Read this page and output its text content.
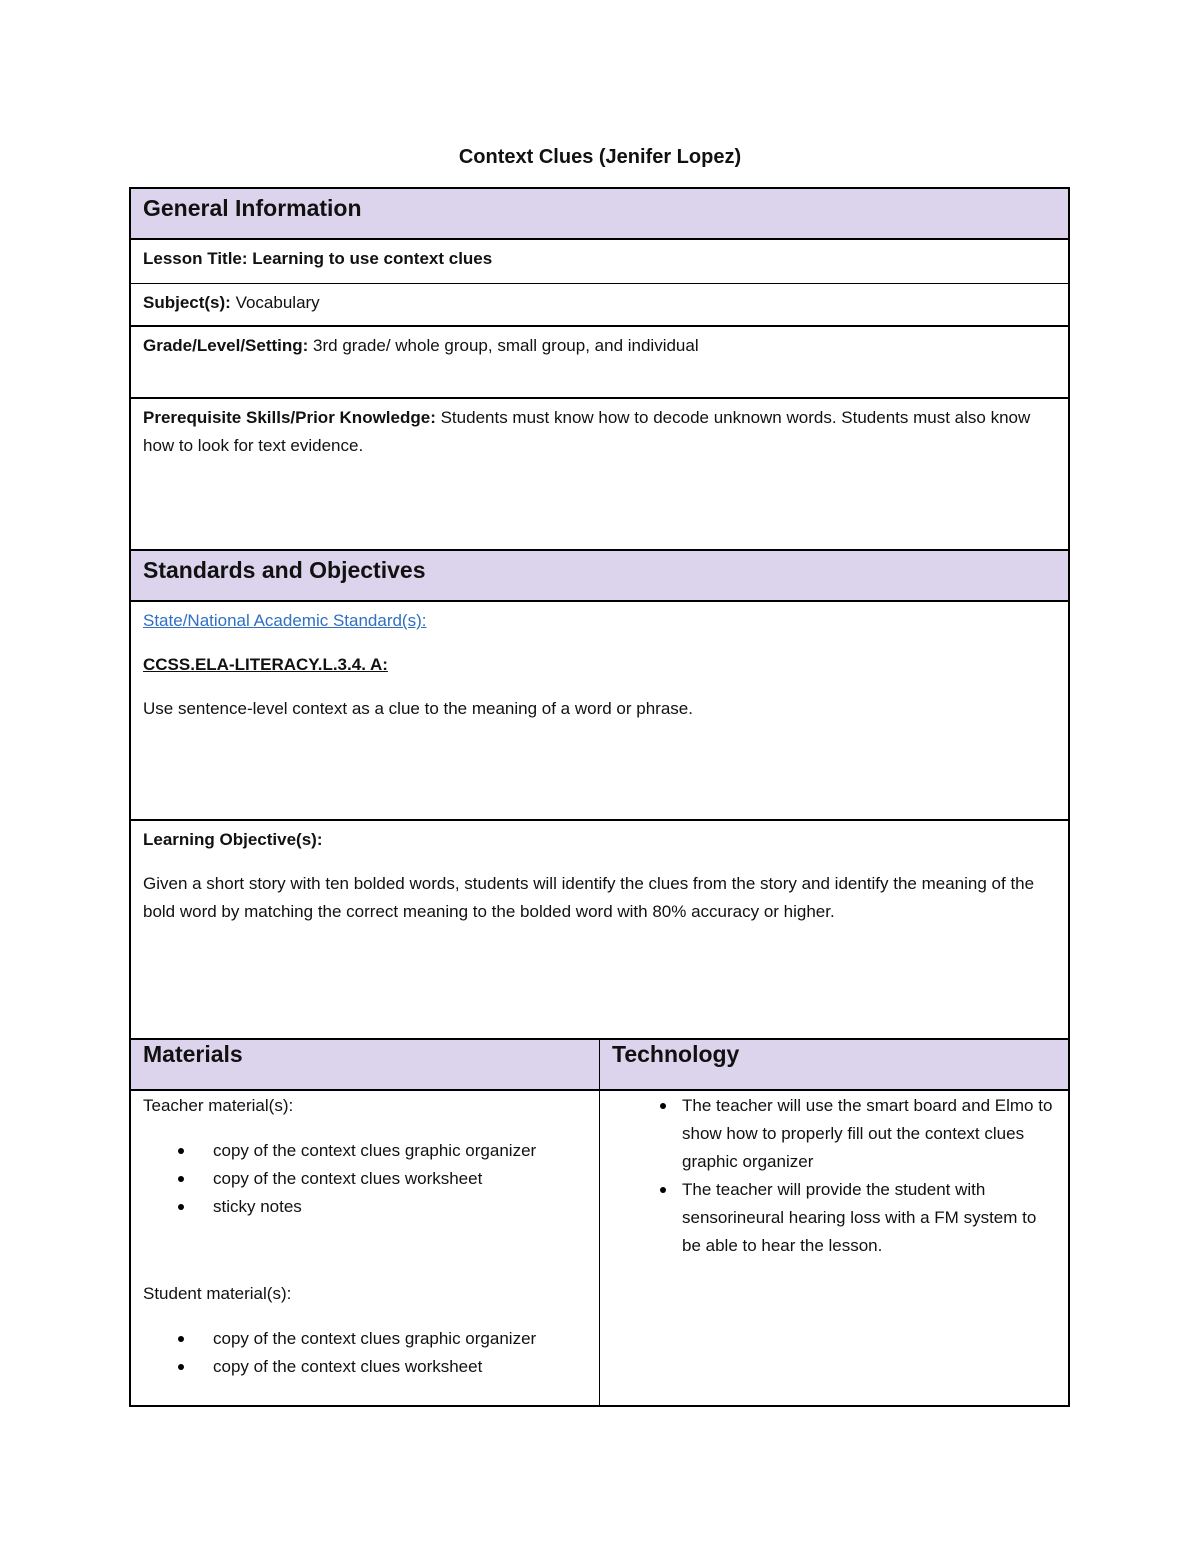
Context Clues (Jenifer Lopez)
General Information
Lesson Title: Learning to use context clues
Subject(s): Vocabulary
Grade/Level/Setting: 3rd grade/ whole group, small group, and individual
Prerequisite Skills/Prior Knowledge: Students must know how to decode unknown words. Students must also know how to look for text evidence.
Standards and Objectives

State/National Academic Standard(s):

CCSS.ELA-LITERACY.L.3.4. A:

Use sentence-level context as a clue to the meaning of a word or phrase.

Learning Objective(s):

Given a short story with ten bolded words, students will identify the clues from the story and identify the meaning of the bold word by matching the correct meaning to the bolded word with 80% accuracy or higher.

Materials	Technology

Teacher material(s):

copy of the context clues graphic organizer
copy of the context clues worksheet
sticky notes

Student material(s):

copy of the context clues graphic organizer
copy of the context clues worksheet
The teacher will use the smart board and Elmo to show how to properly fill out the context clues graphic organizer
The teacher will provide the student with sensorineural hearing loss with a FM system to be able to hear the lesson.
